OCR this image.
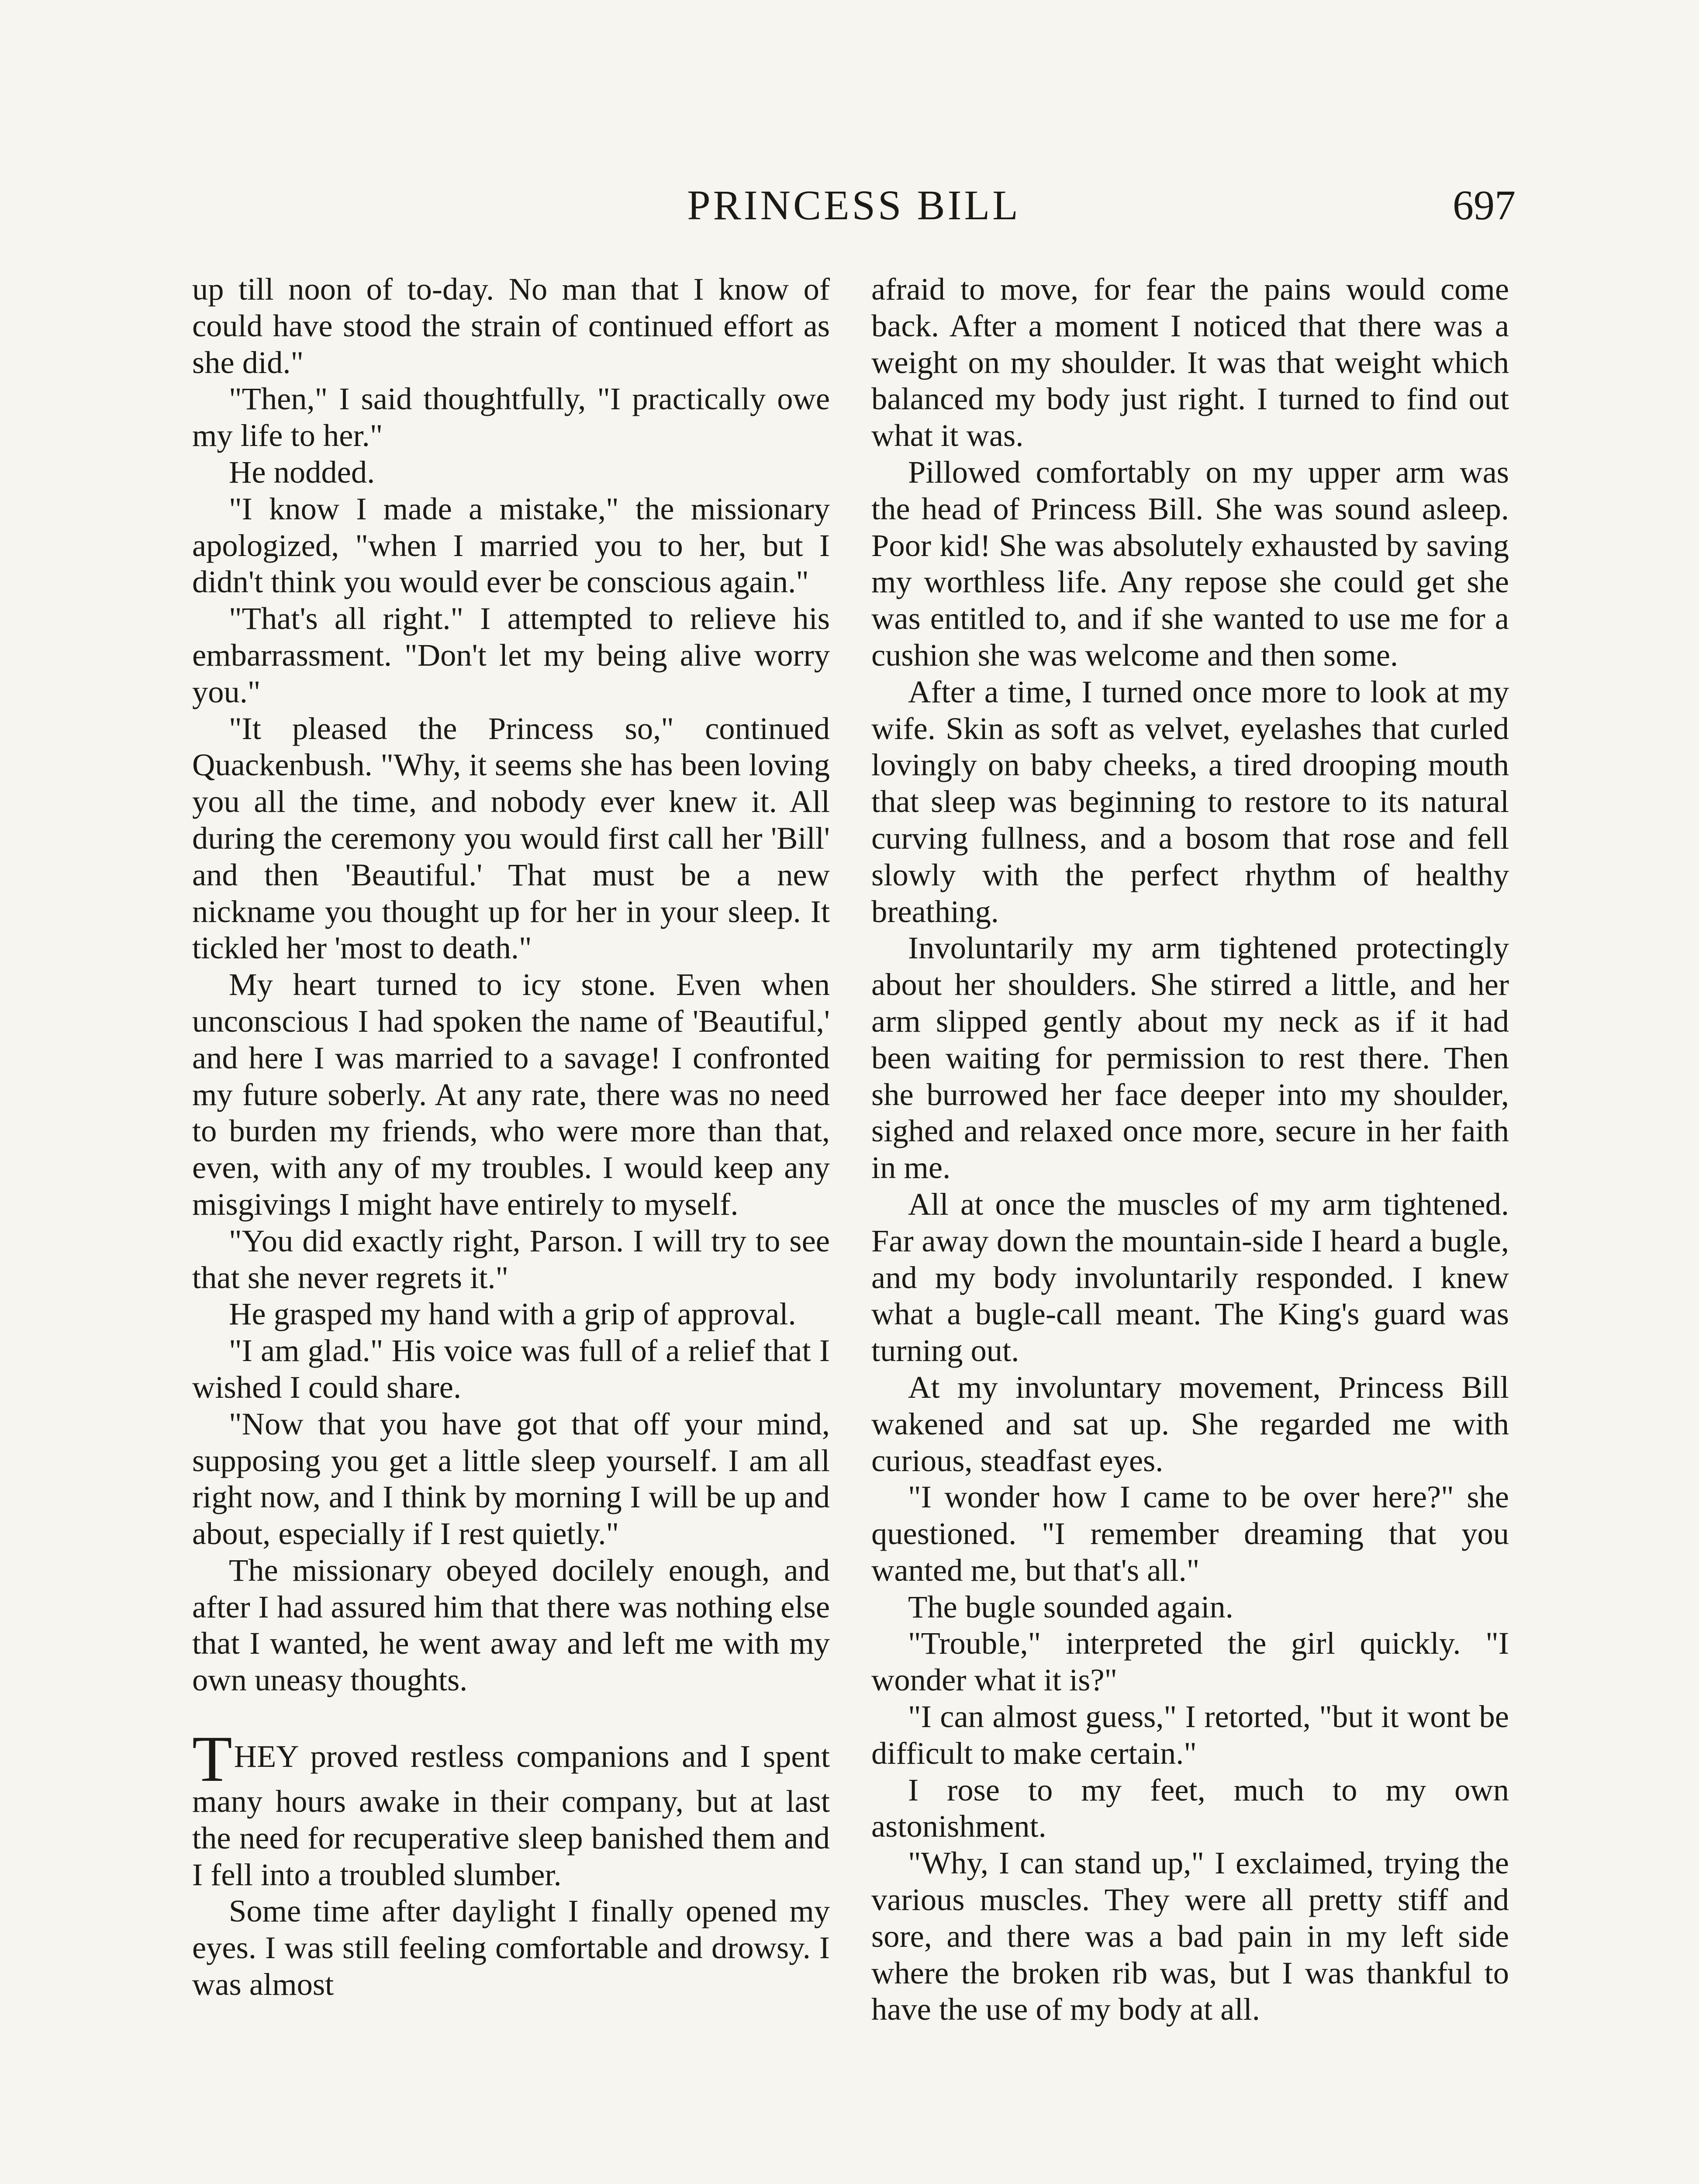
PRINCESS BILL	697

up till noon of to-day. No man that I know of could have stood the strain of continued effort as she did."

"Then," I said thoughtfully, "I practically owe my life to her."

He nodded.

"I know I made a mistake," the missionary apologized, "when I married you to her, but I didn't think you would ever be conscious again."

"That's all right." I attempted to relieve his embarrassment. "Don't let my being alive worry you."

"It pleased the Princess so," continued Quackenbush. "Why, it seems she has been loving you all the time, and nobody ever knew it. All during the ceremony you would first call her 'Bill' and then 'Beautiful.' That must be a new nickname you thought up for her in your sleep. It tickled her 'most to death."

My heart turned to icy stone. Even when unconscious I had spoken the name of 'Beautiful,' and here I was married to a savage! I confronted my future soberly. At any rate, there was no need to burden my friends, who were more than that, even, with any of my troubles. I would keep any misgivings I might have entirely to myself.

"You did exactly right, Parson. I will try to see that she never regrets it."

He grasped my hand with a grip of approval.

"I am glad." His voice was full of a relief that I wished I could share.

"Now that you have got that off your mind, supposing you get a little sleep yourself. I am all right now, and I think by morning I will be up and about, especially if I rest quietly."

The missionary obeyed docilely enough, and after I had assured him that there was nothing else that I wanted, he went away and left me with my own uneasy thoughts.

THEY proved restless companions and I spent many hours awake in their company, but at last the need for recuperative sleep banished them and I fell into a troubled slumber.

Some time after daylight I finally opened my eyes. I was still feeling comfortable and drowsy. I was almost

afraid to move, for fear the pains would come back. After a moment I noticed that there was a weight on my shoulder. It was that weight which balanced my body just right. I turned to find out what it was.

Pillowed comfortably on my upper arm was the head of Princess Bill. She was sound asleep. Poor kid! She was absolutely exhausted by saving my worthless life. Any repose she could get she was entitled to, and if she wanted to use me for a cushion she was welcome and then some.

After a time, I turned once more to look at my wife. Skin as soft as velvet, eyelashes that curled lovingly on baby cheeks, a tired drooping mouth that sleep was beginning to restore to its natural curving fullness, and a bosom that rose and fell slowly with the perfect rhythm of healthy breathing.

Involuntarily my arm tightened protectingly about her shoulders. She stirred a little, and her arm slipped gently about my neck as if it had been waiting for permission to rest there. Then she burrowed her face deeper into my shoulder, sighed and relaxed once more, secure in her faith in me.

All at once the muscles of my arm tightened. Far away down the mountain-side I heard a bugle, and my body involuntarily responded. I knew what a bugle-call meant. The King's guard was turning out.

At my involuntary movement, Princess Bill wakened and sat up. She regarded me with curious, steadfast eyes.

"I wonder how I came to be over here?" she questioned. "I remember dreaming that you wanted me, but that's all."

The bugle sounded again.

"Trouble," interpreted the girl quickly. "I wonder what it is?"

"I can almost guess," I retorted, "but it wont be difficult to make certain."

I rose to my feet, much to my own astonishment.

"Why, I can stand up," I exclaimed, trying the various muscles. They were all pretty stiff and sore, and there was a bad pain in my left side where the broken rib was, but I was thankful to have the use of my body at all.
